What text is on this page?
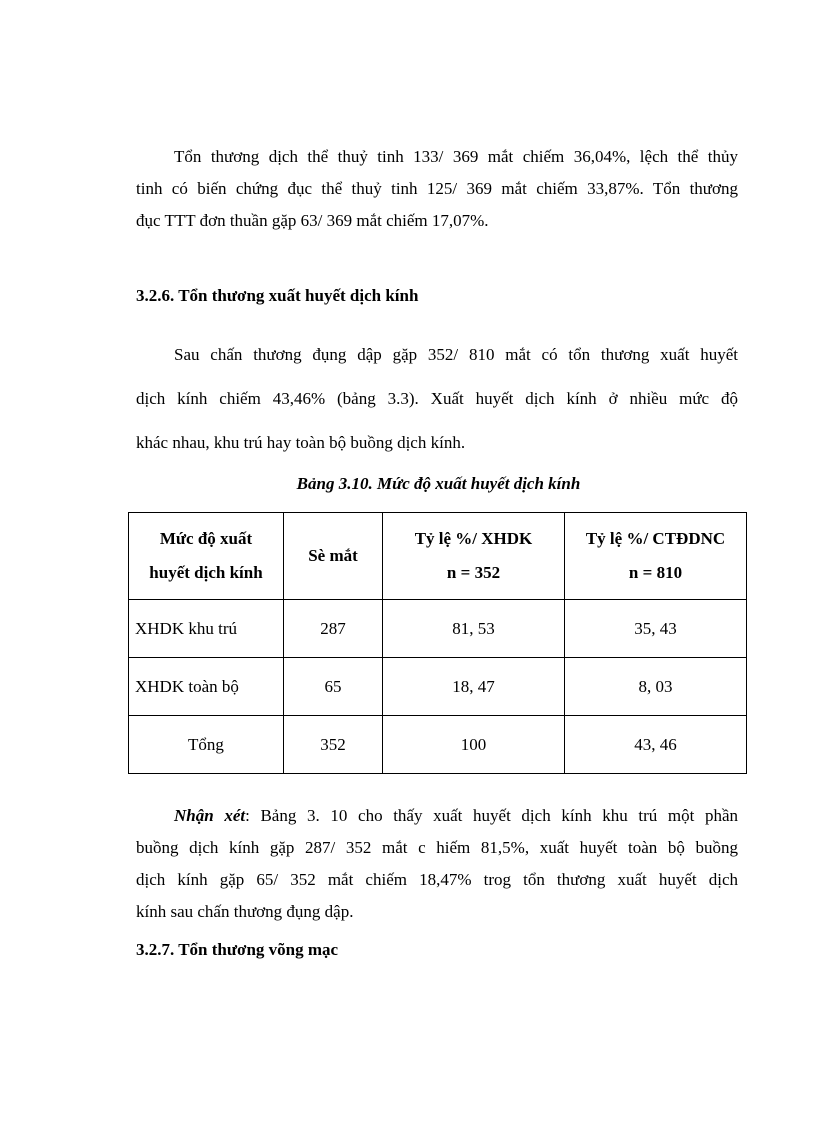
Tổn thương dịch thể thuỷ tinh 133/ 369 mắt chiếm 36,04%, lệch thể thủy
tinh có biến chứng đục thể thuỷ tinh 125/ 369 mắt chiếm 33,87%. Tổn thương
đục TTT đơn thuần gặp 63/ 369 mắt chiếm 17,07%.

3.2.6. Tổn thương xuất huyết dịch kính

Sau chấn thương đụng dập gặp 352/ 810 mắt có tổn thương xuất huyết
dịch kính chiếm 43,46% (bảng 3.3). Xuất huyết dịch kính ở nhiều mức độ
khác nhau, khu trú hay toàn bộ buồng dịch kính.

Bảng 3.10. Mức độ xuất huyết dịch kính

Mức độ xuất
huyết dịch kính	Sè mắt	Tỷ lệ %/ XHDK
n = 352	Tỷ lệ %/ CTĐDNC
n = 810
XHDK khu trú	287	81, 53	35, 43
XHDK toàn bộ	65	18, 47	8, 03
Tổng	352	100	43, 46
Nhận xét: Bảng 3. 10 cho thấy xuất huyết dịch kính khu trú một phần
buồng dịch kính gặp 287/ 352 mắt c hiếm 81,5%, xuất huyết toàn bộ buồng
dịch kính gặp 65/ 352 mắt chiếm 18,47% trog tổn thương xuất huyết dịch
kính sau chấn thương đụng dập.

3.2.7. Tổn thương võng mạc
